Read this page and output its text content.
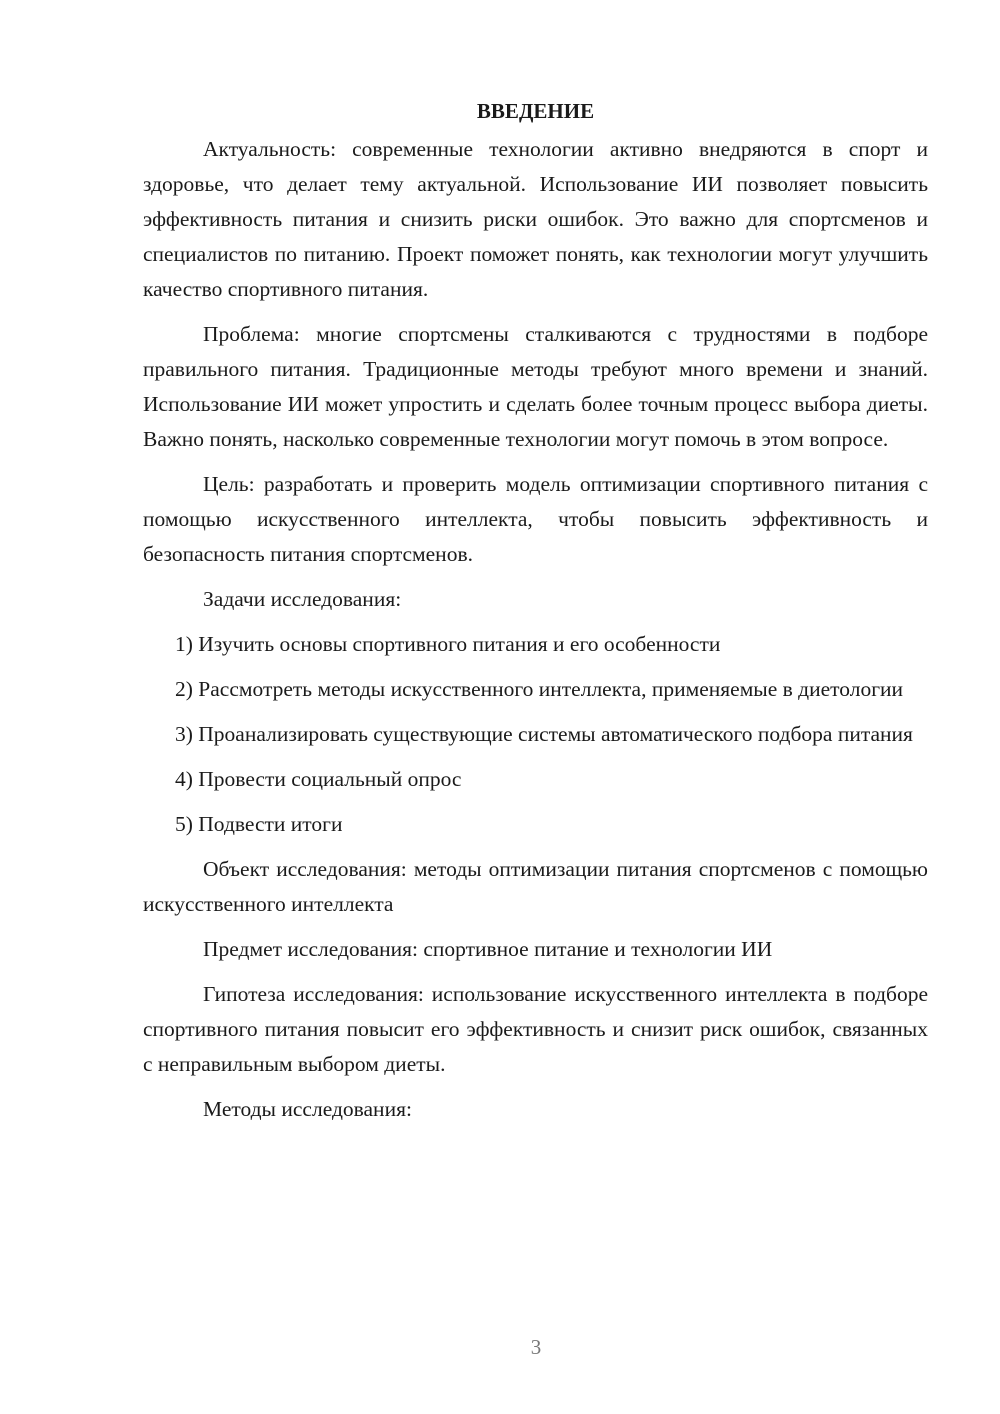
ВВЕДЕНИЕ

Актуальность: современные технологии активно внедряются в спорт и здоровье, что делает тему актуальной. Использование ИИ позволяет повысить эффективность питания и снизить риски ошибок. Это важно для спортсменов и специалистов по питанию. Проект поможет понять, как технологии могут улучшить качество спортивного питания.

Проблема: многие спортсмены сталкиваются с трудностями в подборе правильного питания. Традиционные методы требуют много времени и знаний. Использование ИИ может упростить и сделать более точным процесс выбора диеты. Важно понять, насколько современные технологии могут помочь в этом вопросе.

Цель: разработать и проверить модель оптимизации спортивного питания с помощью искусственного интеллекта, чтобы повысить эффективность и безопасность питания спортсменов.

Задачи исследования:

1) Изучить основы спортивного питания и его особенности

2) Рассмотреть методы искусственного интеллекта, применяемые в диетологии

3) Проанализировать существующие системы автоматического подбора питания

4) Провести социальный опрос

5) Подвести итоги

Объект исследования: методы оптимизации питания спортсменов с помощью искусственного интеллекта

Предмет исследования: спортивное питание и технологии ИИ

Гипотеза исследования: использование искусственного интеллекта в подборе спортивного питания повысит его эффективность и снизит риск ошибок, связанных с неправильным выбором диеты.

Методы исследования:

3
